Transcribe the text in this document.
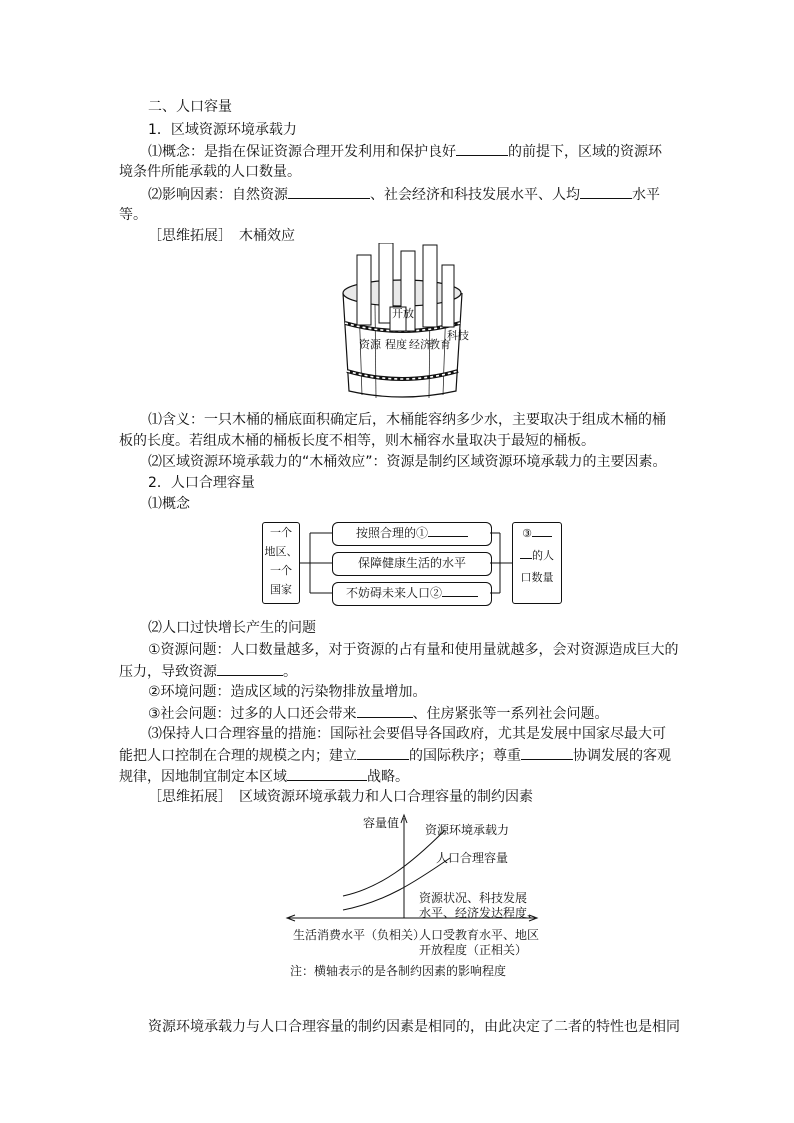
二、人口容量
1．区域资源环境承载力
⑴概念：是指在保证资源合理开发利用和保护良好	的前提下，区域的资源环
境条件所能承载的人口数量。
⑵影响因素：自然资源	、社会经济和科技发展水平、人均	水平
等。
［思维拓展］　木桶效应
开放
资源 程度 经济
教育
科技
⑴含义：一只木桶的桶底面积确定后，木桶能容纳多少水，主要取决于组成木桶的桶
板的长度。若组成木桶的桶板长度不相等，则木桶容水量取决于最短的桶板。
⑵区域资源环境承载力的“木桶效应”：资源是制约区域资源环境承载力的主要因素。
2．人口合理容量
⑴概念
一个
地区、
一个
国家
按照合理的①
保障健康生活的水平
不妨碍未来人口②
③
的人
口数量
⑵人口过快增长产生的问题
①资源问题：人口数量越多，对于资源的占有量和使用量就越多，会对资源造成巨大的
压力，导致资源	。
②环境问题：造成区域的污染物排放量增加。
③社会问题：过多的人口还会带来	、住房紧张等一系列社会问题。
⑶保持人口合理容量的措施：国际社会要倡导各国政府，尤其是发展中国家尽最大可
能把人口控制在合理的规模之内；建立	的国际秩序；尊重	协调发展的客观
规律，因地制宜制定本区域	战略。
［思维拓展］　区域资源环境承载力和人口合理容量的制约因素
容量值 资源环境承载力
人口合理容量
资源状况、科技发展
水平、经济发达程度、
人口受教育水平、地区
开放程度（正相关）
生活消费水平（负相关）
注：横轴表示的是各制约因素的影响程度
资源环境承载力与人口合理容量的制约因素是相同的，由此决定了二者的特性也是相同
